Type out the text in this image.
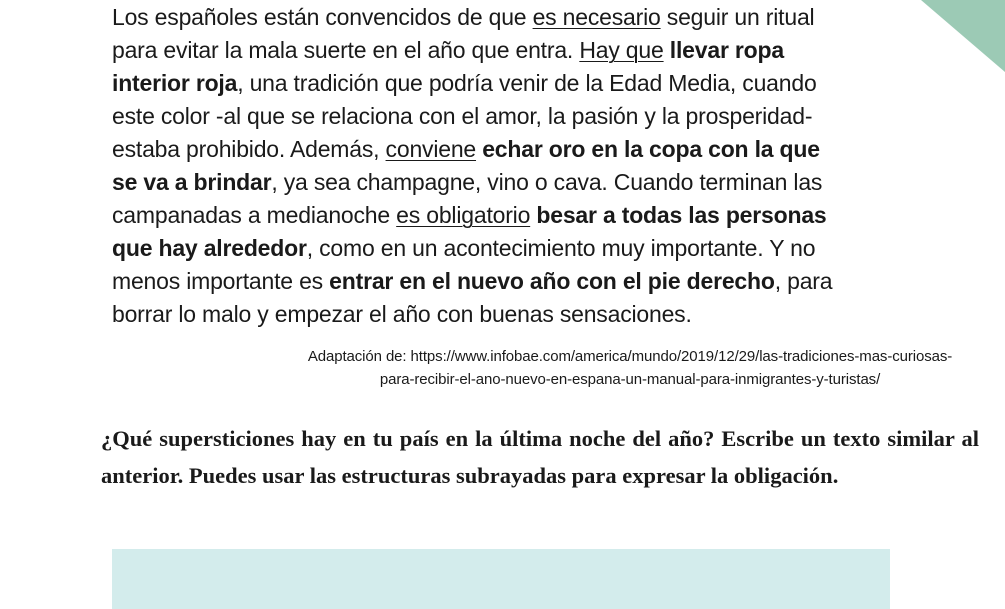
Los españoles están convencidos de que es necesario seguir un ritual
para evitar la mala suerte en el año que entra. Hay que llevar ropa
interior roja, una tradición que podría venir de la Edad Media, cuando
este color -al que se relaciona con el amor, la pasión y la prosperidad-
estaba prohibido. Además, conviene echar oro en la copa con la que
se va a brindar, ya sea champagne, vino o cava. Cuando terminan las
campanadas a medianoche es obligatorio besar a todas las personas
que hay alrededor, como en un acontecimiento muy importante. Y no
menos importante es entrar en el nuevo año con el pie derecho, para
borrar lo malo y empezar el año con buenas sensaciones.

Adaptación de: https://www.infobae.com/america/mundo/2019/12/29/las-tradiciones-mas-curiosas-
para-recibir-el-ano-nuevo-en-espana-un-manual-para-inmigrantes-y-turistas/

¿Qué supersticiones hay en tu país en la última noche del año? Escribe un texto similar al anterior. Puedes usar las estructuras subrayadas para expresar la obligación.
